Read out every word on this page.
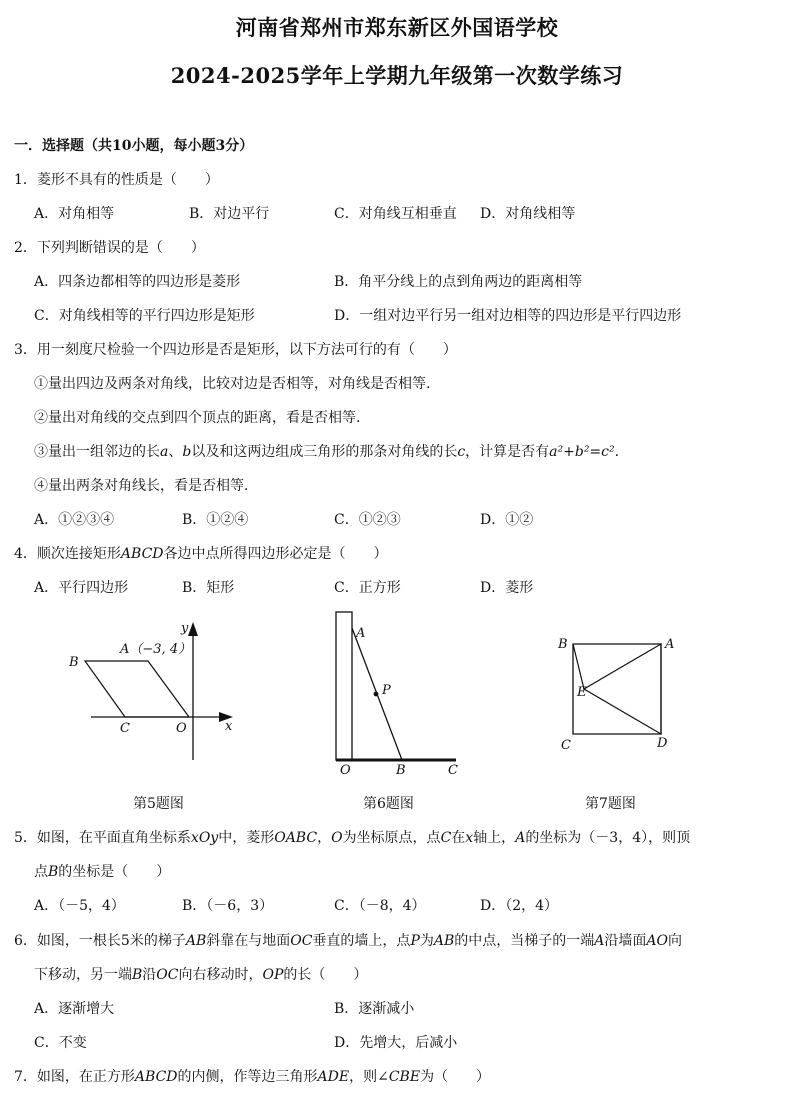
河南省郑州市郑东新区外国语学校
2024-2025学年上学期九年级第一次数学练习
一．选择题（共10小题，每小题3分）
1．菱形不具有的性质是（　　）
A．对角相等	B．对边平行	C．对角线互相垂直 D．对角线相等
2．下列判断错误的是（　　）
A．四条边都相等的四边形是菱形	B．角平分线上的点到角两边的距离相等
C．对角线相等的平行四边形是矩形	D．一组对边平行另一组对边相等的四边形是平行四边形
3．用一刻度尺检验一个四边形是否是矩形，以下方法可行的有（　　）
①量出四边及两条对角线，比较对边是否相等，对角线是否相等.
②量出对角线的交点到四个顶点的距离，看是否相等.
③量出一组邻边的长a、b以及和这两边组成三角形的那条对角线的长c，计算是否有a²+b²=c².
④量出两条对角线长，看是否相等.
A．①②③④	B．①②④	C．①②③	D．①②
4．顺次连接矩形ABCD各边中点所得四边形必定是（　　）
A．平行四边形	B．矩形	C．正方形	D．菱形
y
x
B
A（−3, 4）
C	O
第5题图
A
P
O	B	C
第6题图
B	A
E
C	D
第7题图
5．如图，在平面直角坐标系xOy中，菱形OABC，O为坐标原点，点C在x轴上，A的坐标为（－3，4），则顶
点B的坐标是（　　）
A．（－5，4）	B．（－6，3）	C．（－8，4）	D．（2，4）
6．如图，一根长5米的梯子AB斜靠在与地面OC垂直的墙上，点P为AB的中点，当梯子的一端A沿墙面AO向
下移动，另一端B沿OC向右移动时，OP的长（　　）
A．逐渐增大	B．逐渐减小
C．不变	D．先增大，后减小
7．如图，在正方形ABCD的内侧，作等边三角形ADE，则∠CBE为（　　）
